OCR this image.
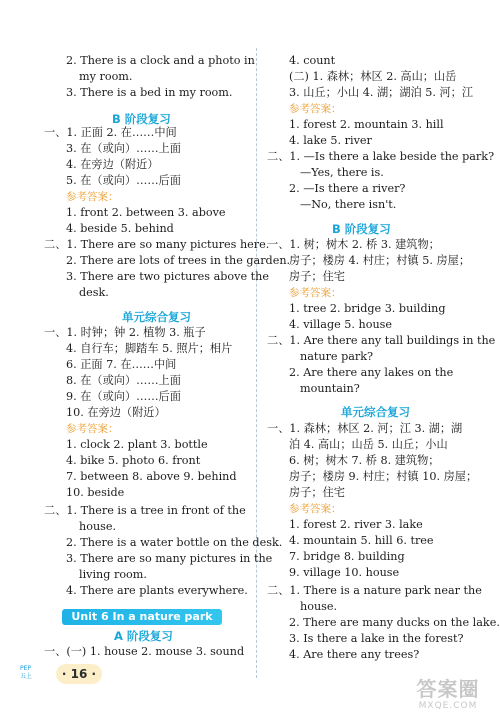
2. There is a clock and a photo in
my room.
3. There is a bed in my room.
B 阶段复习
一、1. 正面 2. 在……中间
3. 在（或向）……上面
4. 在旁边（附近）
5. 在（或向）……后面
参考答案：
1. front 2. between 3. above
4. beside 5. behind
二、1. There are so many pictures here.
2. There are lots of trees in the garden.
3. There are two pictures above the
desk.
单元综合复习
一、1. 时钟；钟 2. 植物 3. 瓶子
4. 自行车；脚踏车 5. 照片；相片
6. 正面 7. 在……中间
8. 在（或向）……上面
9. 在（或向）……后面
10. 在旁边（附近）
参考答案：
1. clock 2. plant 3. bottle
4. bike 5. photo 6. front
7. between 8. above 9. behind
10. beside
二、1. There is a tree in front of the
house.
2. There is a water bottle on the desk.
3. There are so many pictures in the
living room.
4. There are plants everywhere.
A 阶段复习
一、(一) 1. house 2. mouse 3. sound
4. count
(二) 1. 森林；林区 2. 高山；山岳
3. 山丘；小山 4. 湖；湖泊 5. 河；江
参考答案：
1. forest 2. mountain 3. hill
4. lake 5. river
二、1. —Is there a lake beside the park?
—Yes, there is.
2. —Is there a river?
—No, there isn't.
B 阶段复习
一、1. 树；树木 2. 桥 3. 建筑物；
房子；楼房 4. 村庄；村镇 5. 房屋；
房子；住宅
参考答案：
1. tree 2. bridge 3. building
4. village 5. house
二、1. Are there any tall buildings in the
nature park?
2. Are there any lakes on the
mountain?
单元综合复习
一、1. 森林；林区 2. 河；江 3. 湖；湖
泊 4. 高山；山岳 5. 山丘；小山
6. 树；树木 7. 桥 8. 建筑物；
房子；楼房 9. 村庄；村镇 10. 房屋；
房子；住宅
参考答案：
1. forest 2. river 3. lake
4. mountain 5. hill 6. tree
7. bridge 8. building
9. village 10. house
二、1. There is a nature park near the
house.
2. There are many ducks on the lake.
3. Is there a lake in the forest?
4. Are there any trees?
Unit 6 In a nature park
PEP
五上	· 16 ·
答案圈
MXQE.COM
